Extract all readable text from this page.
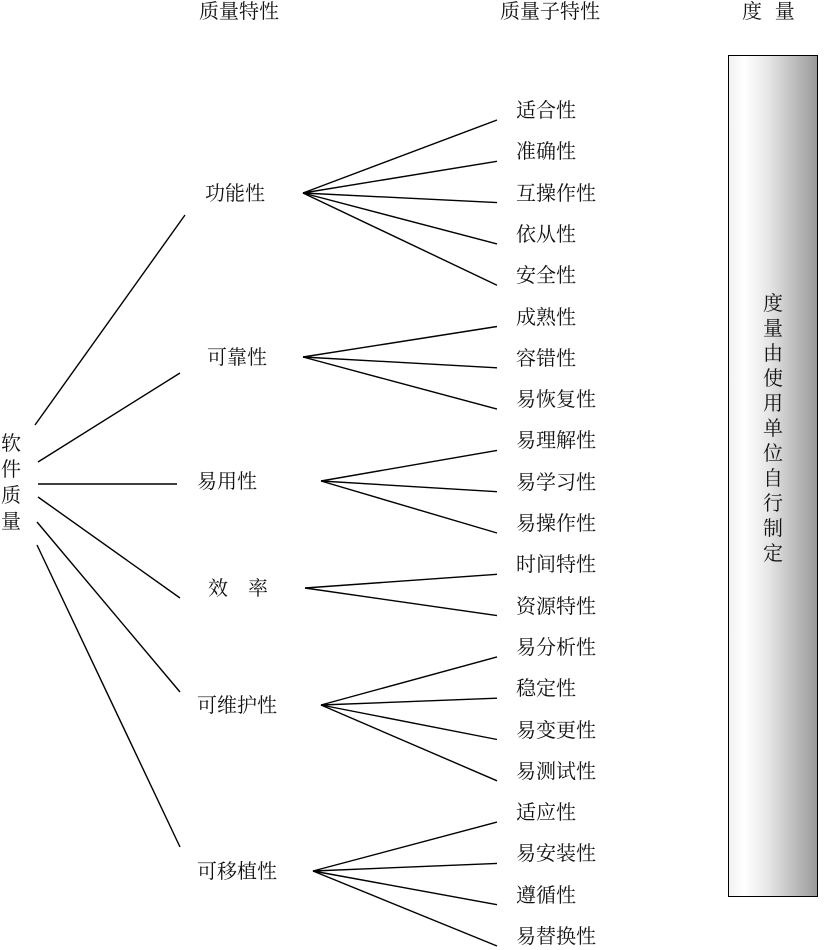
质量特性	质量子特性	度  量
软
件
质
量
功能性
可靠性
易用性
效　率
可维护性
可移植性
适合性
准确性
互操作性
依从性
安全性
成熟性
容错性
易恢复性
易理解性
易学习性
易操作性
时间特性
资源特性
易分析性
稳定性
易变更性
易测试性
适应性
易安装性
遵循性
易替换性
度
量
由
使
用
单
位
自
行
制
定
